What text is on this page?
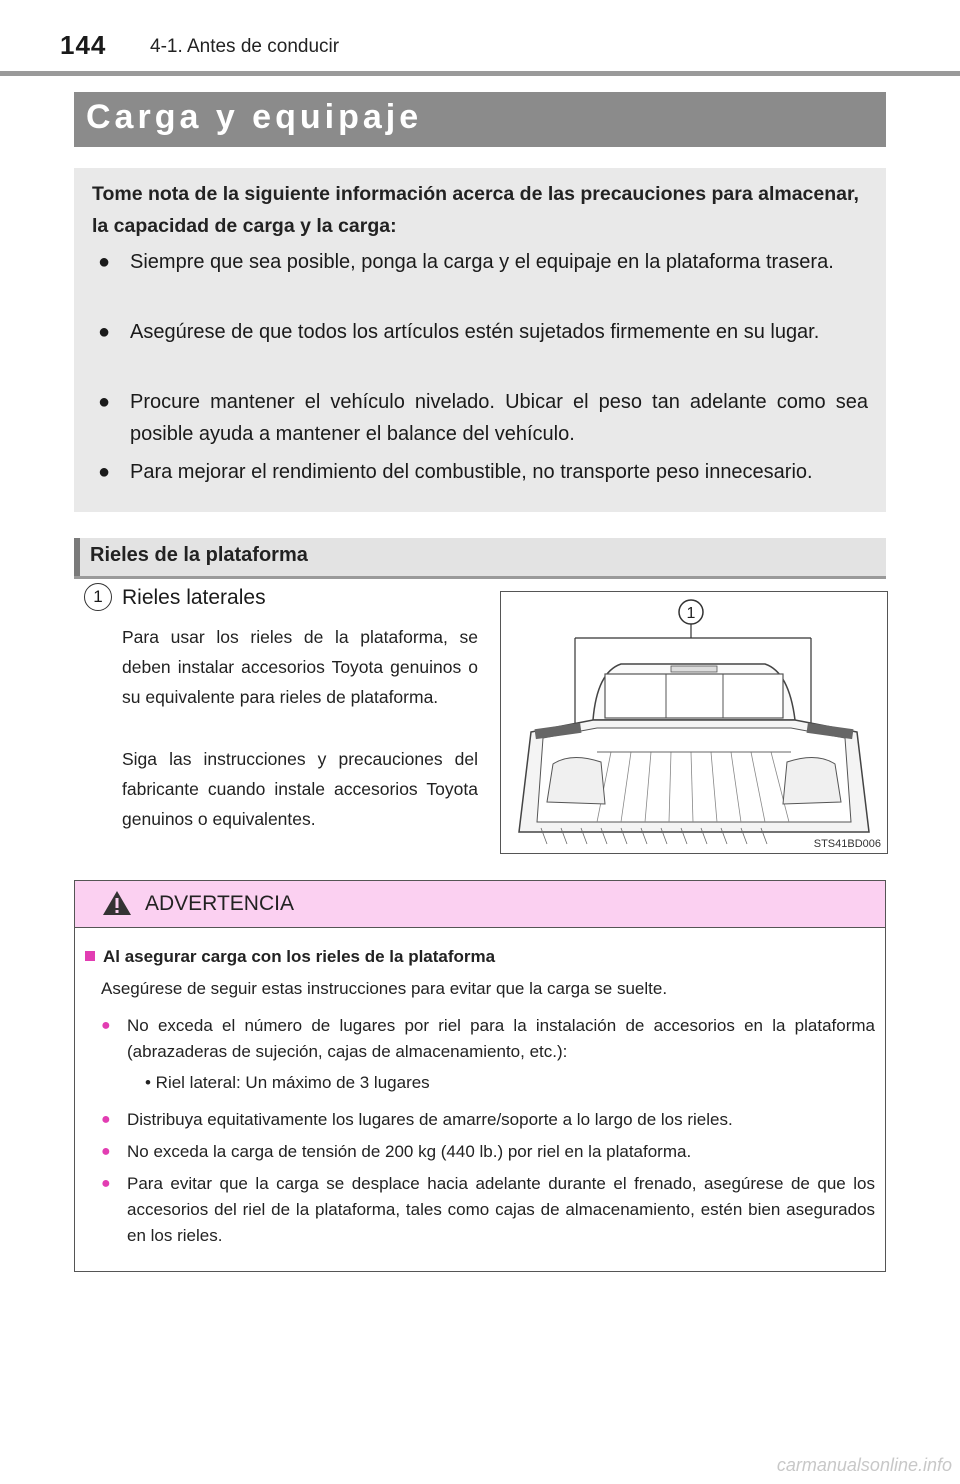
144 4-1. Antes de conducir
Carga y equipaje
Tome nota de la siguiente información acerca de las precauciones para almacenar, la capacidad de carga y la carga:
● Siempre que sea posible, ponga la carga y el equipaje en la plataforma trasera.
● Asegúrese de que todos los artículos estén sujetados firmemente en su lugar.
● Procure mantener el vehículo nivelado. Ubicar el peso tan adelante como sea posible ayuda a mantener el balance del vehículo.
● Para mejorar el rendimiento del combustible, no transporte peso innecesario.
Rieles de la plataforma
1 Rieles laterales
Para usar los rieles de la plataforma, se deben instalar accesorios Toyota genuinos o su equivalente para rieles de plataforma.
Siga las instrucciones y precauciones del fabricante cuando instale accesorios Toyota genuinos o equivalentes.
1
STS41BD006
ADVERTENCIA
Al asegurar carga con los rieles de la plataforma
Asegúrese de seguir estas instrucciones para evitar que la carga se suelte.
● No exceda el número de lugares por riel para la instalación de accesorios en la plataforma (abrazaderas de sujeción, cajas de almacenamiento, etc.):
• Riel lateral: Un máximo de 3 lugares
● Distribuya equitativamente los lugares de amarre/soporte a lo largo de los rieles.
● No exceda la carga de tensión de 200 kg (440 lb.) por riel en la plataforma.
● Para evitar que la carga se desplace hacia adelante durante el frenado, asegúrese de que los accesorios del riel de la plataforma, tales como cajas de almacenamiento, estén bien asegurados en los rieles.
carmanualsonline.info
